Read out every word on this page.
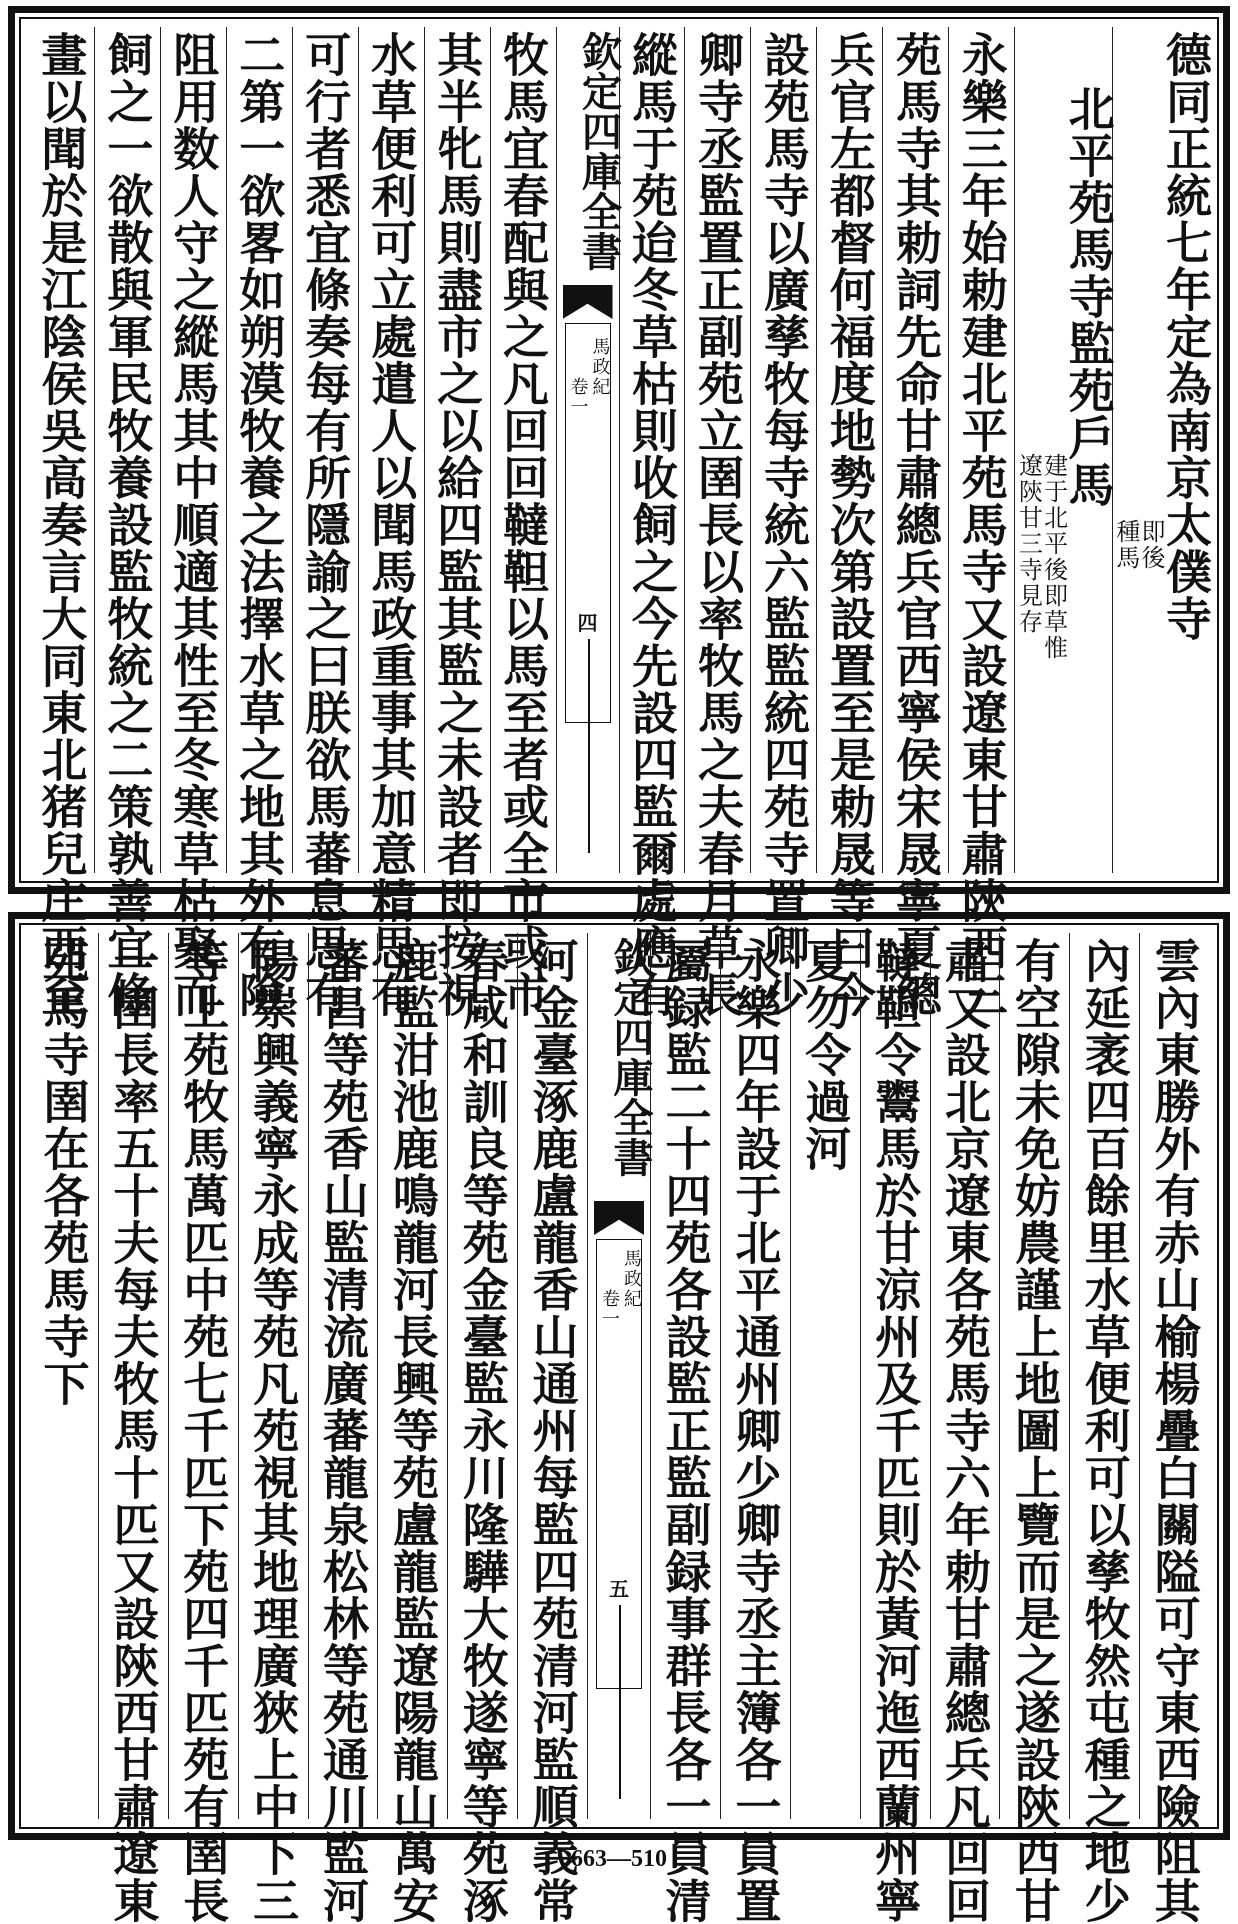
德同正統七年定為南京太僕寺
即後
種馬
北平苑馬寺監苑戶馬
建于北平後即草惟
遼陝甘三寺見存
永樂三年始勅建北平苑馬寺又設遼東甘肅陝西三
苑馬寺其勅詞先命甘肅總兵官西寧侯宋晟寧夏總
兵官左都督何福度地勢次第設置至是勅晟等曰今
設苑馬寺以廣孳牧每寺統六監監統四苑寺置卿少
卿寺丞監置正副苑立圉長以率牧馬之夫春月草長
縱馬于苑迨冬草枯則收飼之今先設四監爾處應有
欽定四庫全書
馬政紀
卷一
四
牧馬宜春配與之凡回回韃靼以馬至者或全市或市
其半牝馬則盡市之以給四監其監之未設者即按視
水草便利可立處遣人以聞馬政重事其加意精思有
可行者悉宜條奏每有所隱諭之曰朕欲馬蕃息思有
二第一欲畧如朔漠牧養之法擇水草之地其外有險
阻用数人守之縱馬其中順適其性至冬寒草枯聚而
飼之一欲散與軍民牧養設監牧統之二策孰善宜條
畫以聞於是江陰侯吳高奏言大同東北猪兒庄西至
雲內東勝外有赤山榆楊疊白關隘可守東西險阻其
內延袤四百餘里水草便利可以孳牧然屯種之地少
有空隙未免妨農謹上地圖上覽而是之遂設陝西甘
肅又設北京遼東各苑馬寺六年勅甘肅總兵凡回回
韃靼令鬻馬於甘涼州及千匹則於黃河迤西蘭州寧
夏勿令過河
永樂四年設于北平通州卿少卿寺丞主簿各一員置
屬録監二十四苑各設監正監副録事群長各一員清
欽定四庫全書
馬政紀
卷一
五
河金臺涿鹿盧龍香山通州每監四苑清河監順義常
春咸和訓良等苑金臺監永川隆驊大牧遂寧等苑涿
鹿監泔池鹿鳴龍河長興等苑盧龍監遼陽龍山萬安
蕃昌等苑香山監清流廣蕃龍泉松林等苑通川監河
陽崇興義寧永成等苑凡苑視其地理廣狹上中下三
等上苑牧馬萬匹中苑七千匹下苑四千匹苑有圉長
一圉長率五十夫每夫牧馬十匹又設陝西甘肅遼東
苑馬寺圉在各苑馬寺下
663—510
